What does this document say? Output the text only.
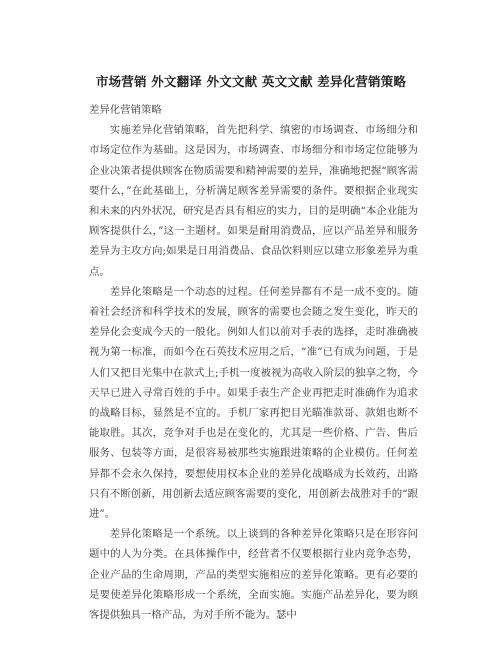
市场营销 外文翻译 外文文献 英文文献 差异化营销策略

差异化营销策略

实施差异化营销策略，首先把科学、缜密的市场调查、市场细分和市场定位作为基础。这是因为，市场调查、市场细分和市场定位能够为企业决策者提供顾客在物质需要和精神需要的差异，准确地把握“顾客需要什么，”在此基础上，分析满足顾客差异需要的条件。要根据企业现实和未来的内外状况，研究是否具有相应的实力，目的是明确“本企业能为顾客提供什么，”这一主题材。如果是耐用消费品，应以产品差异和服务差异为主攻方向;如果是日用消费品、食品饮料则应以建立形象差异为重点。

差异化策略是一个动态的过程。任何差异都有不是一成不变的。随着社会经济和科学技术的发展，顾客的需要也会随之发生变化，昨天的差异化会变成今天的一般化。例如人们以前对手表的选择，走时准确被视为第一标准，而如今在石英技术应用之后，“准”已有成为问题，于是人们又把目光集中在款式上;手机一度被视为高收入阶层的独享之物，今天早已进入寻常百姓的手中。如果手表生产企业再把走时准确作为追求的战略目标，显然是不宜的。手机厂家再把目光瞄准款哥、款姐也断不能取胜。其次，竞争对手也是在变化的，尤其是一些价格、广告、售后服务、包装等方面，是很容易被那些实施跟进策略的企业模仿。任何差异都不会永久保持，要想使用权本企业的差异化战略成为长效药，出路只有不断创新，用创新去适应顾客需要的变化，用创新去战胜对手的“跟进”。

差异化策略是一个系统。以上谈到的各种差异化策略只是在形容问题中的人为分类。在具体操作中，经营者不仅要根据行业内竞争态势，企业产品的生命周期，产品的类型实施相应的差异化策略。更有必要的是要使差异化策略形成一个系统，全面实施。实施产品差异化，要为顾客提供独具一格产品，为对手所不能为。瑟中
